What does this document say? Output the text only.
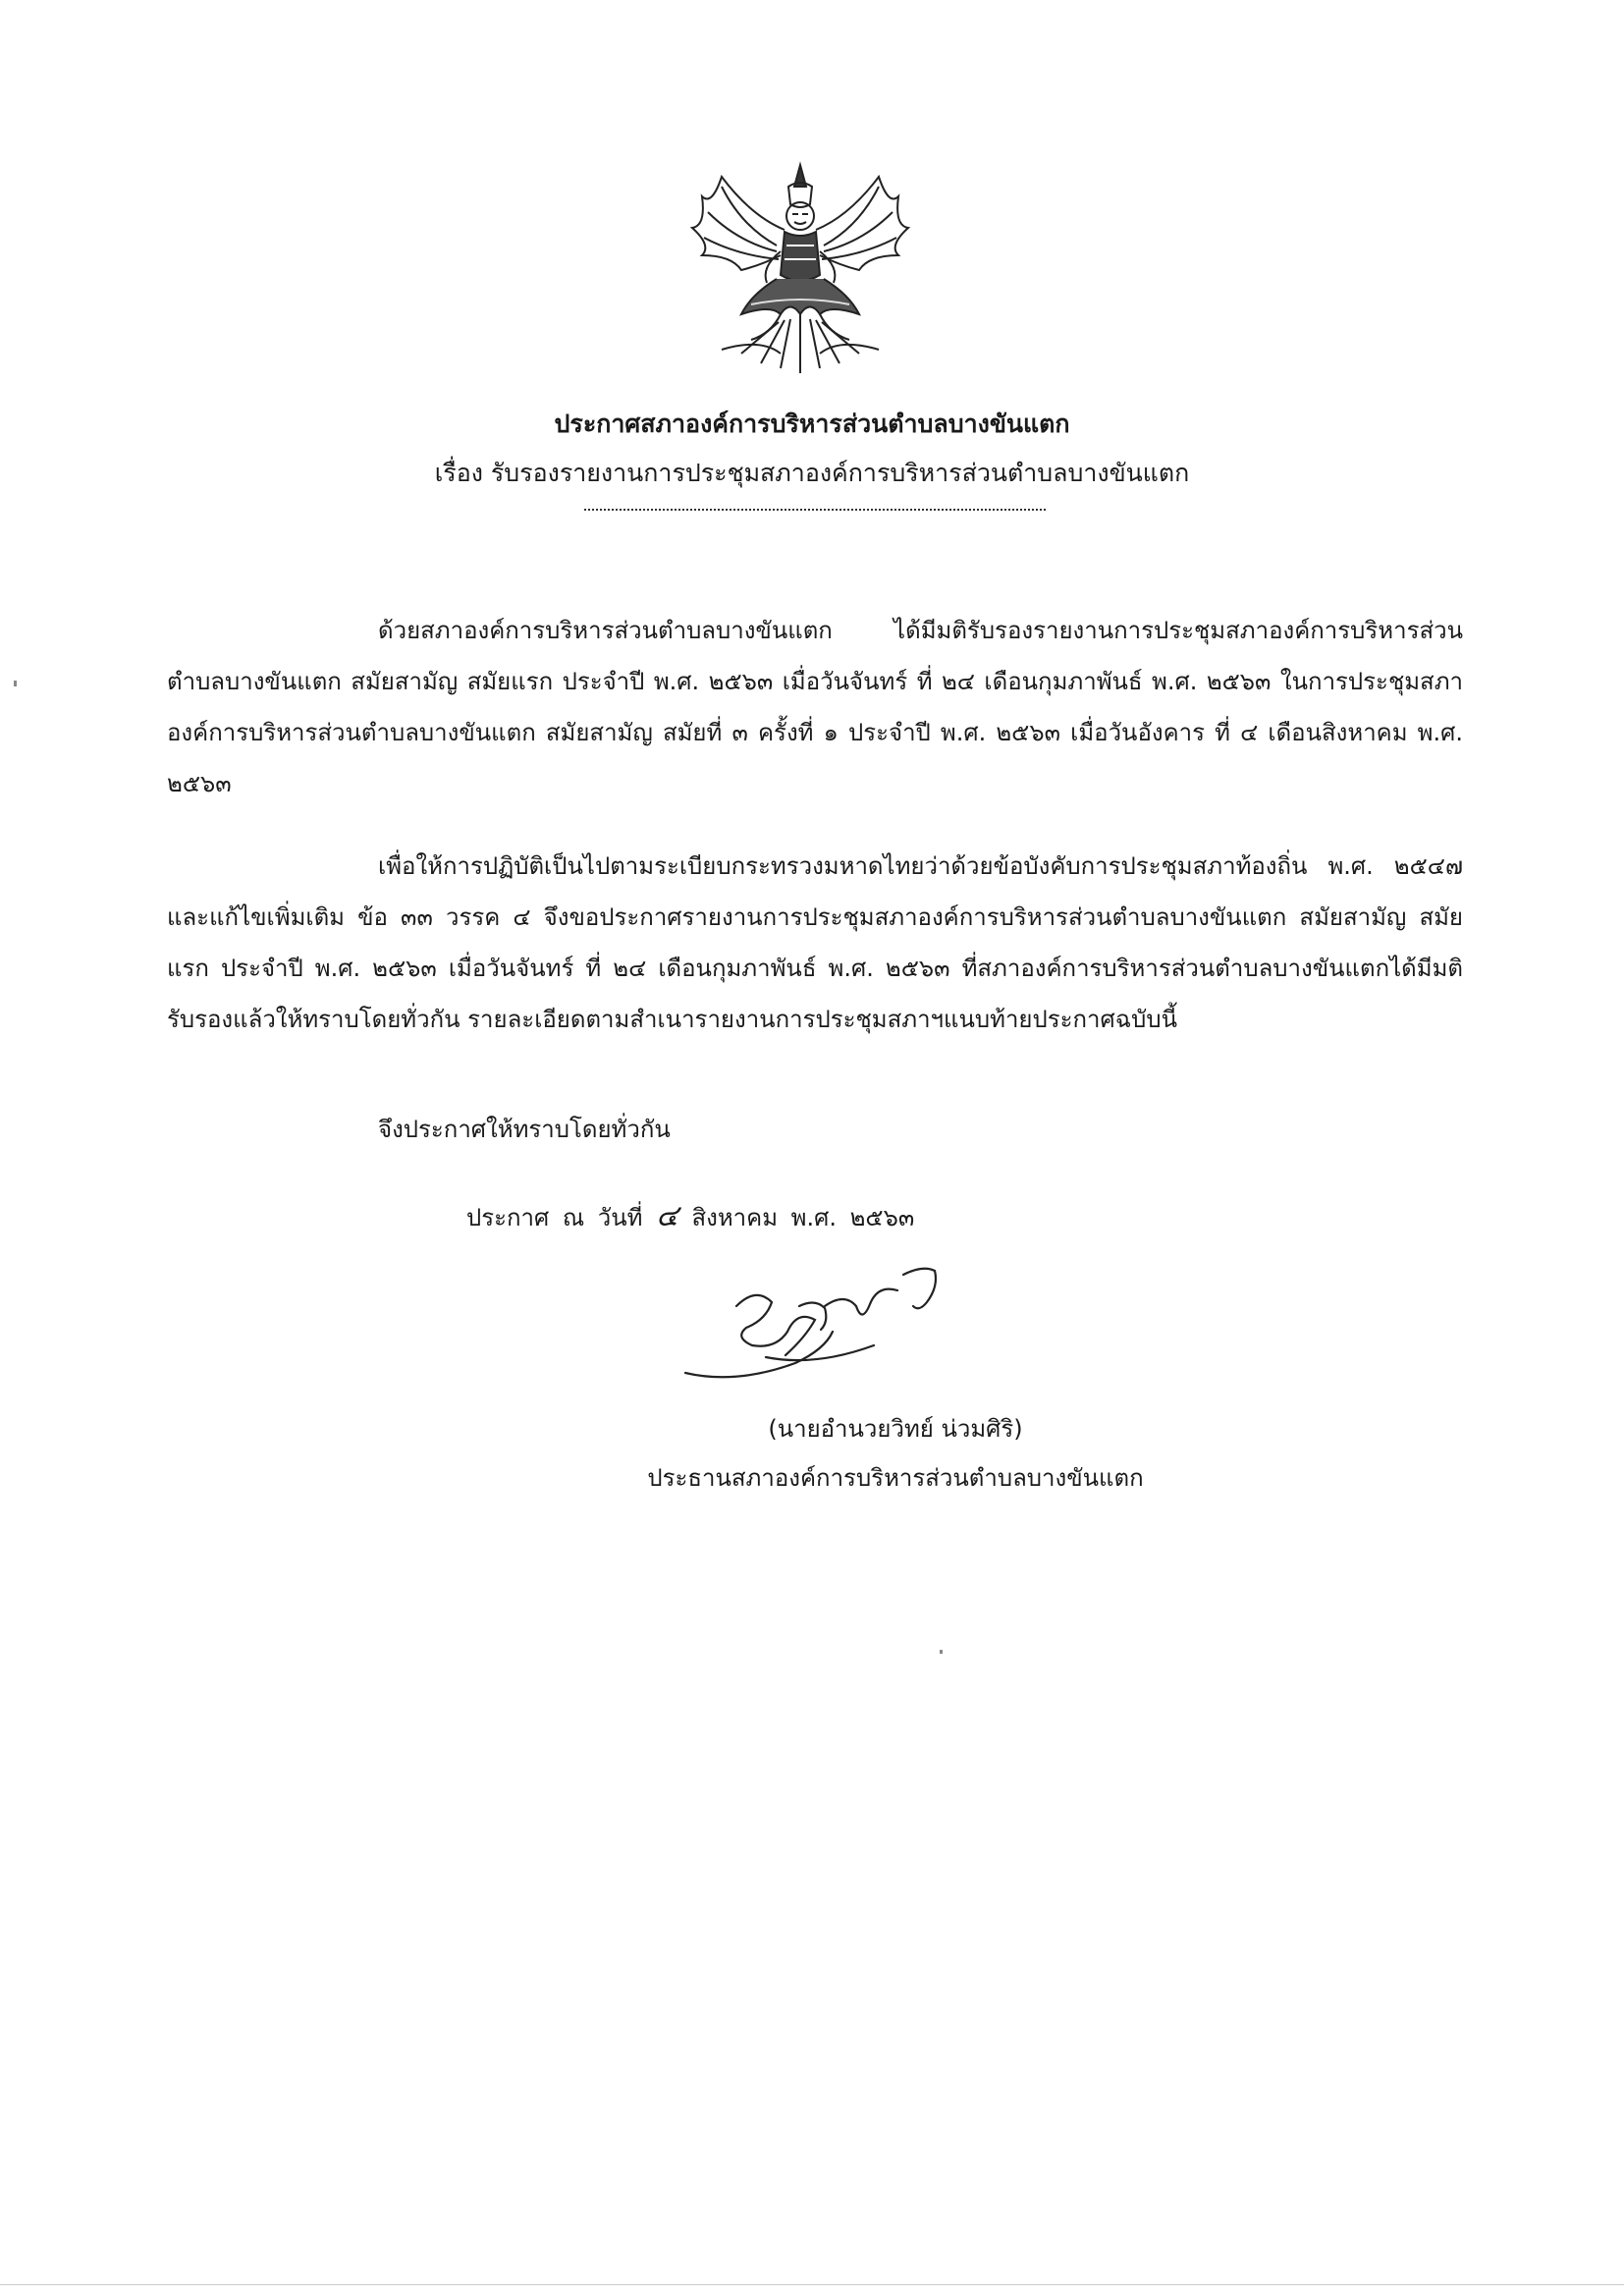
ประกาศสภาองค์การบริหารส่วนตำบลบางขันแตก
เรื่อง รับรองรายงานการประชุมสภาองค์การบริหารส่วนตำบลบางขันแตก

ด้วยสภาองค์การบริหารส่วนตำบลบางขันแตก ได้มีมติรับรองรายงานการประชุมสภาองค์การบริหารส่วนตำบลบางขันแตก สมัยสามัญ สมัยแรก ประจำปี พ.ศ. ๒๕๖๓ เมื่อวันจันทร์ ที่ ๒๔ เดือนกุมภาพันธ์ พ.ศ. ๒๕๖๓ ในการประชุมสภาองค์การบริหารส่วนตำบลบางขันแตก สมัยสามัญ สมัยที่ ๓ ครั้งที่ ๑ ประจำปี พ.ศ. ๒๕๖๓ เมื่อวันอังคาร ที่ ๔ เดือนสิงหาคม พ.ศ. ๒๕๖๓

เพื่อให้การปฏิบัติเป็นไปตามระเบียบกระทรวงมหาดไทยว่าด้วยข้อบังคับการประชุมสภาท้องถิ่น พ.ศ. ๒๕๔๗ และแก้ไขเพิ่มเติม ข้อ ๓๓ วรรค ๔ จึงขอประกาศรายงานการประชุมสภาองค์การบริหารส่วนตำบลบางขันแตก สมัยสามัญ สมัยแรก ประจำปี พ.ศ. ๒๕๖๓ เมื่อวันจันทร์ ที่ ๒๔ เดือนกุมภาพันธ์ พ.ศ. ๒๕๖๓ ที่สภาองค์การบริหารส่วนตำบลบางขันแตกได้มีมติรับรองแล้วให้ทราบโดยทั่วกัน รายละเอียดตามสำเนารายงานการประชุมสภาฯแนบท้ายประกาศฉบับนี้

จึงประกาศให้ทราบโดยทั่วกัน
ประกาศ ณ วันที่ ๔ สิงหาคม พ.ศ. ๒๕๖๓
(นายอำนวยวิทย์ น่วมศิริ)
ประธานสภาองค์การบริหารส่วนตำบลบางขันแตก
